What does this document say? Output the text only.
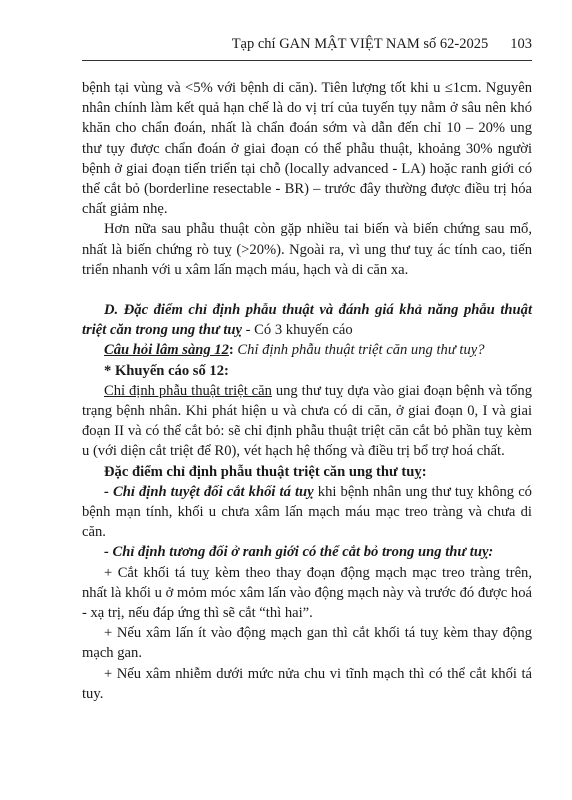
Tạp chí GAN MẬT VIỆT NAM số 62-2025 103

bệnh tại vùng và <5% với bệnh di căn). Tiên lượng tốt khi u ≤1cm. Nguyên nhân chính làm kết quả hạn chế là do vị trí của tuyến tụy nằm ở sâu nên khó khăn cho chẩn đoán, nhất là chẩn đoán sớm và dẫn đến chỉ 10 – 20% ung thư tụy được chẩn đoán ở giai đoạn có thể phẫu thuật, khoảng 30% người bệnh ở giai đoạn tiến triển tại chỗ (locally advanced - LA) hoặc ranh giới có thể cắt bỏ (borderline resectable - BR) – trước đây thường được điều trị hóa chất giảm nhẹ.

Hơn nữa sau phẫu thuật còn gặp nhiều tai biến và biến chứng sau mổ, nhất là biến chứng rò tuỵ (>20%). Ngoài ra, vì ung thư tuỵ ác tính cao, tiến triển nhanh với u xâm lấn mạch máu, hạch và di căn xa.

D. Đặc điểm chỉ định phẫu thuật và đánh giá khả năng phẫu thuật triệt căn trong ung thư tuỵ - Có 3 khuyến cáo

Câu hỏi lâm sàng 12: Chỉ định phẫu thuật triệt căn ung thư tuỵ?

* Khuyến cáo số 12:

Chỉ định phẫu thuật triệt căn ung thư tuỵ dựa vào giai đoạn bệnh và tổng trạng bệnh nhân. Khi phát hiện u và chưa có di căn, ở giai đoạn 0, I và giai đoạn II và có thể cắt bỏ: sẽ chỉ định phẫu thuật triệt căn cắt bỏ phần tuỵ kèm u (với diện cắt triệt để R0), vét hạch hệ thống và điều trị bổ trợ hoá chất.

Đặc điểm chỉ định phẫu thuật triệt căn ung thư tuỵ:

- Chỉ định tuyệt đối cắt khối tá tuỵ khi bệnh nhân ung thư tuỵ không có bệnh mạn tính, khối u chưa xâm lấn mạch máu mạc treo tràng và chưa di căn.

- Chỉ định tương đối ở ranh giới có thể cắt bỏ trong ung thư tuỵ:

+ Cắt khối tá tuỵ kèm theo thay đoạn động mạch mạc treo tràng trên, nhất là khối u ở mỏm móc xâm lấn vào động mạch này và trước đó được hoá - xạ trị, nếu đáp ứng thì sẽ cắt “thì hai”.

+ Nếu xâm lấn ít vào động mạch gan thì cắt khối tá tuỵ kèm thay động mạch gan.

+ Nếu xâm nhiễm dưới mức nửa chu vi tĩnh mạch thì có thể cắt khối tá tuy.
